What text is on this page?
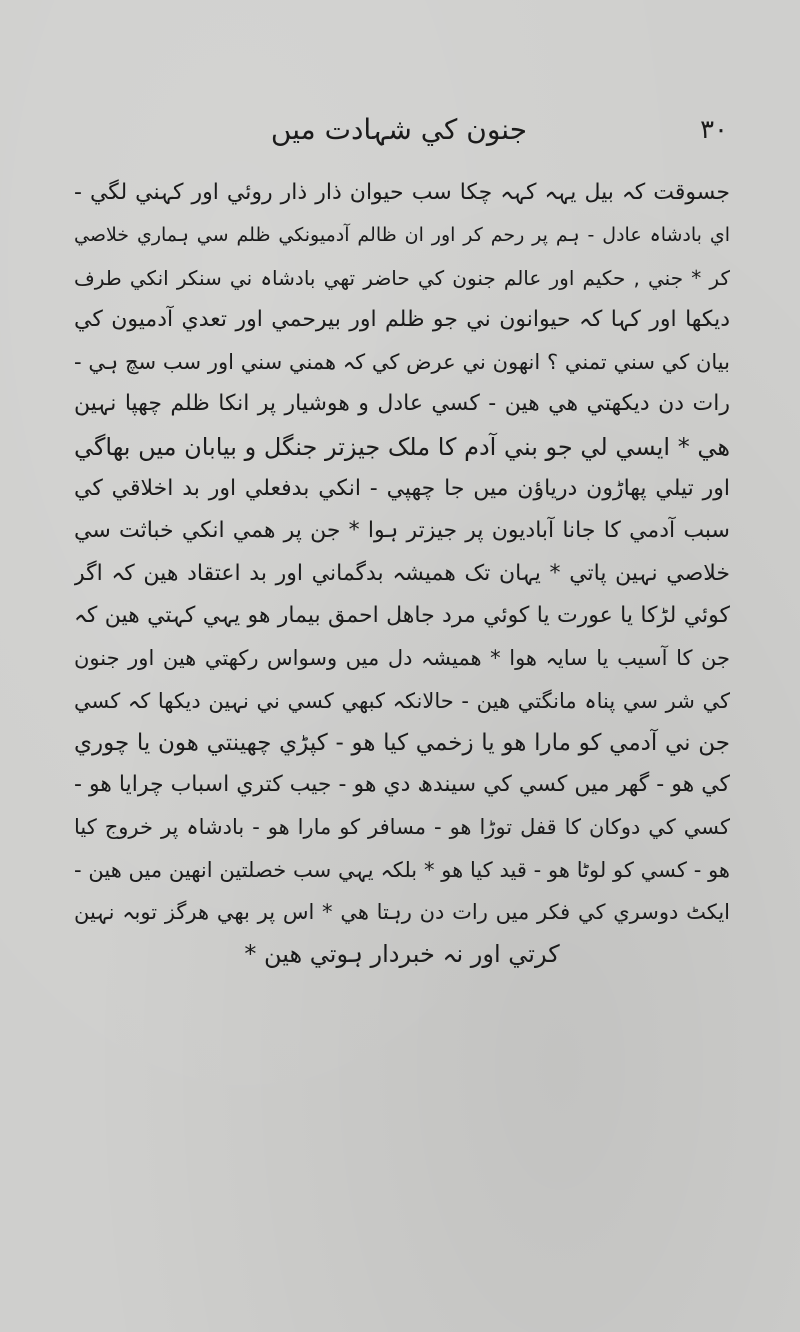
جنون کي شہادت میں	۳۰
جسوقت کہ بیل یہہ کہہ چکا سب حیوان ذار ذار روئي اور کہني لگي -
اي بادشاہ عادل - ہم پر رحم کر اور ان ظالم آدمیونکي ظلم سي ہماري خلاصي
کر * جني , حکیم اور عالم جنون کي حاضر تھي بادشاہ ني سنکر انکي طرف
دیکھا اور کہا کہ حیوانون ني جو ظلم اور بیرحمي اور تعدي آدمیون کي
بیان کي سني تمني ؟ انھون ني عرض کي کہ ھمني سني اور سب سچ ہي -
رات دن دیکھتي ھي ھین - کسي عادل و ھوشیار پر انکا ظلم چھپا نہین
ھي * ایسي لي جو بني آدم کا ملک جیزتر جنگل و بیابان میں بھاگي
اور تیلي پھاڑون دریاؤن میں جا چھپي - انکي بدفعلي اور بد اخلاقي کي
سبب آدمي کا جانا آبادیون پر جیزتر ہوا * جن پر ھمي انکي خباثت سي
خلاصي نہین پاتي * یہان تک ھمیشہ بدگماني اور بد اعتقاد ھین کہ اگر
کوئي لڑکا یا عورت یا کوئي مرد جاھل احمق بیمار ھو یہي کہتي ھین کہ
جن کا آسیب یا سایہ ھوا * ھمیشہ دل میں وسواس رکھتي ھین اور جنون
کي شر سي پناہ مانگتي ھین - حالانکہ کبھي کسي ني نہین دیکھا کہ کسي
جن ني آدمي کو مارا ھو یا زخمي کیا ھو - کپڑي چھینتي ھون یا چوري
کي ھو - گھر میں کسي کي سیندھ دي ھو - جیب کتري اسباب چرایا ھو -
کسي کي دوکان کا قفل توڑا ھو - مسافر کو مارا ھو - بادشاہ پر خروج کیا
ھو - کسي کو لوٹا ھو - قید کیا ھو * بلکہ یہي سب خصلتین انھین میں ھین -
ایکٹ دوسري کي فکر میں رات دن رہتا ھي * اس پر بھي ھرگز توبہ نہین
کرتي اور نہ خبردار ہوتي ھین *
